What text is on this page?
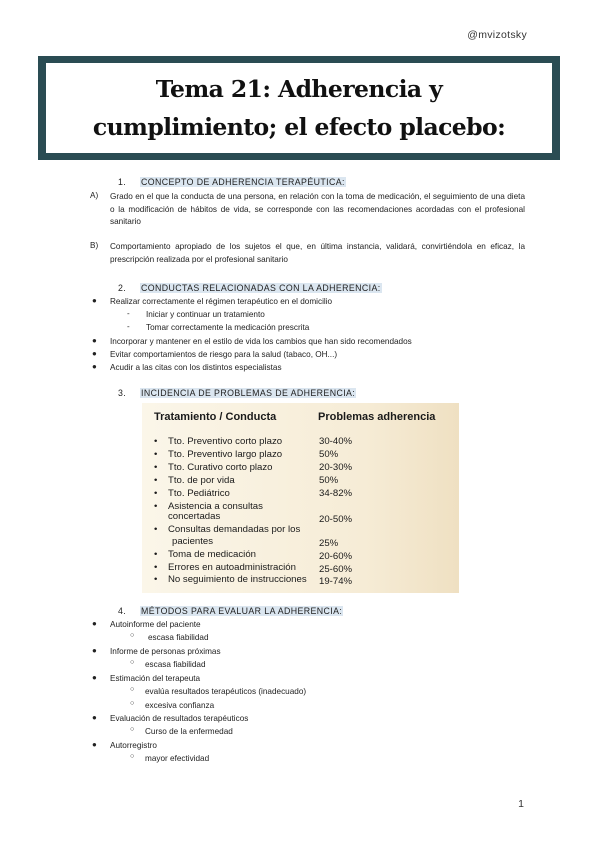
@mvizotsky
Tema 21: Adherencia y cumplimiento; el efecto placebo:
1. CONCEPTO DE ADHERENCIA TERAPÉUTICA:
A) Grado en el que la conducta de una persona, en relación con la toma de medicación, el seguimiento de una dieta o la modificación de hábitos de vida, se corresponde con las recomendaciones acordadas con el profesional sanitario
B) Comportamiento apropiado de los sujetos el que, en última instancia, validará, convirtiéndola en eficaz, la prescripción realizada por el profesional sanitario
2. CONDUCTAS RELACIONADAS CON LA ADHERENCIA:
● Realizar correctamente el régimen terapéutico en el domicilio
- Iniciar y continuar un tratamiento
- Tomar correctamente la medicación prescrita
● Incorporar y mantener en el estilo de vida los cambios que han sido recomendados
● Evitar comportamientos de riesgo para la salud (tabaco, OH...)
● Acudir a las citas con los distintos especialistas
3. INCIDENCIA DE PROBLEMAS DE ADHERENCIA:
Tratamiento / Conducta	Problemas adherencia
• Tto. Preventivo corto plazo	30-40%
• Tto. Preventivo largo plazo	50%
• Tto. Curativo corto plazo	20-30%
• Tto. de por vida	50%
• Tto. Pediátrico	34-82%
• Asistencia a consultas
concertadas	20-50%
• Consultas demandadas por los
pacientes	25%
• Toma de medicación	20-60%
• Errores en autoadministración 25-60%
• No seguimiento de instrucciones 19-74%
4. MÉTODOS PARA EVALUAR LA ADHERENCIA:
● Autoinforme del paciente
○ escasa fiabilidad
● Informe de personas próximas
○ escasa fiabilidad
● Estimación del terapeuta
○ evalúa resultados terapéuticos (inadecuado)
○ excesiva confianza
● Evaluación de resultados terapéuticos
○ Curso de la enfermedad
● Autorregistro
○ mayor efectividad
1
